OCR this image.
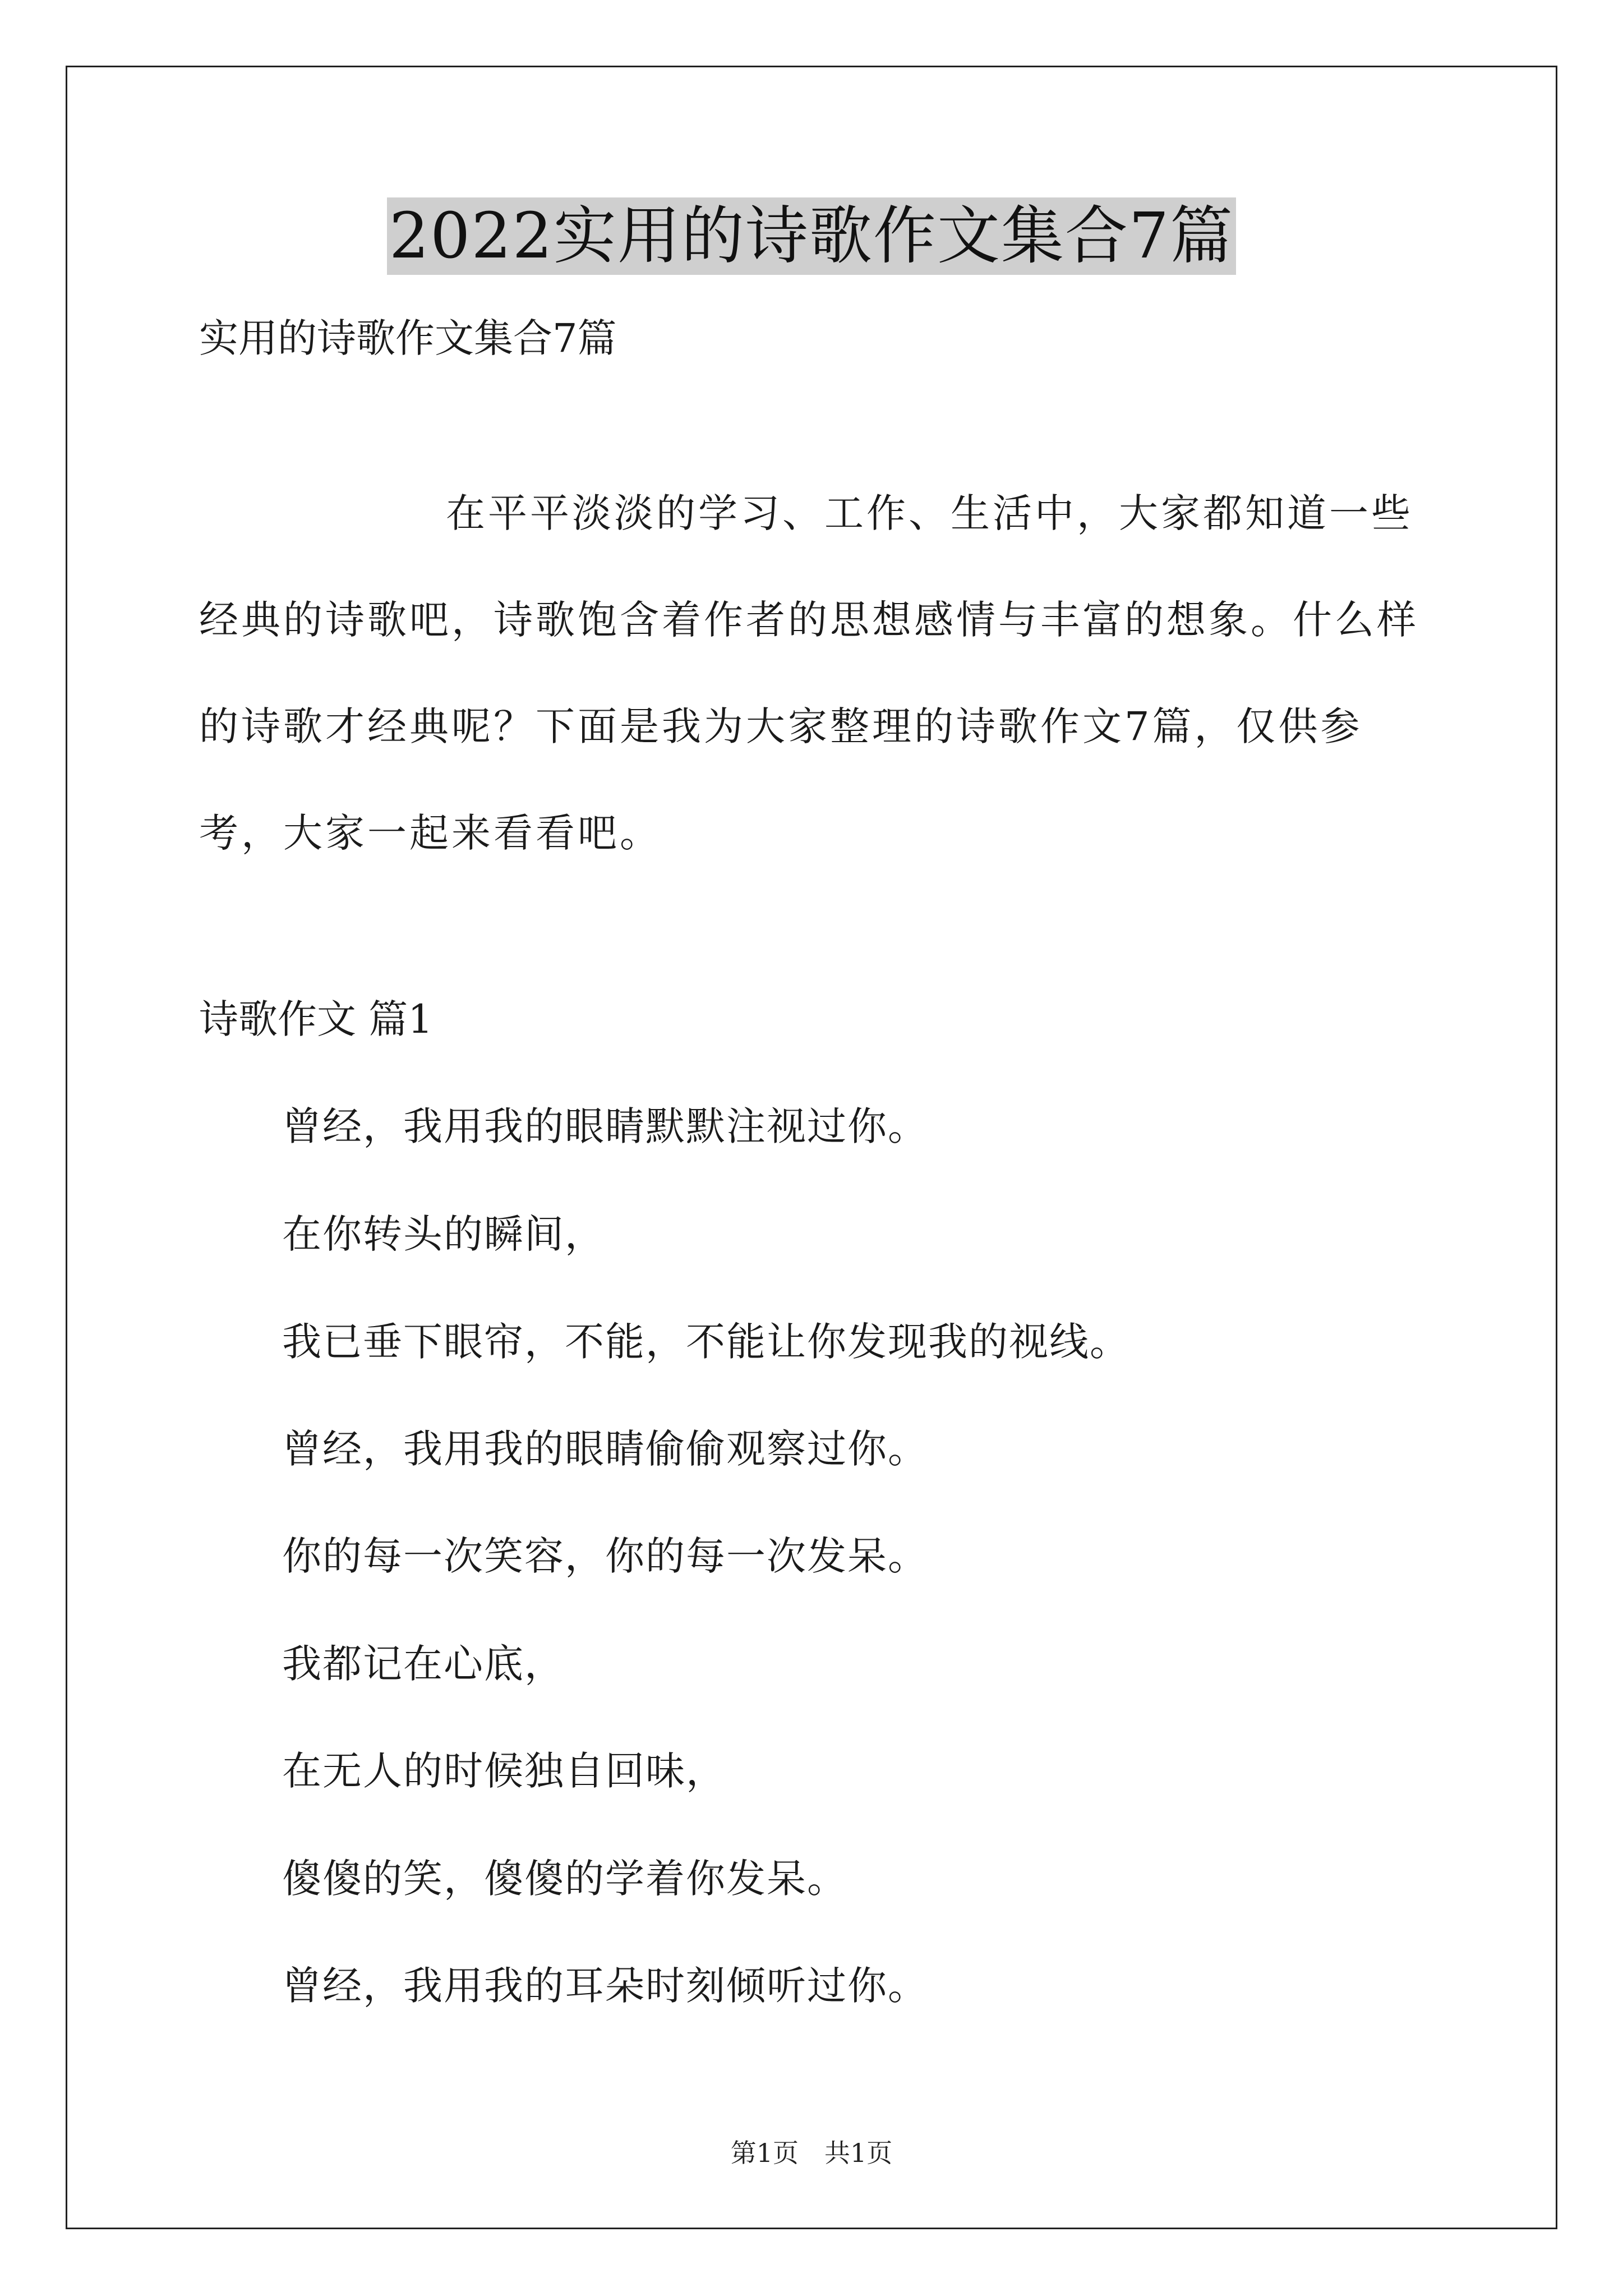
2022实用的诗歌作文集合7篇
实用的诗歌作文集合7篇
在平平淡淡的学习、工作、生活中，大家都知道一些经典的诗歌吧，诗歌饱含着作者的思想感情与丰富的想象。什么样的诗歌才经典呢？下面是我为大家整理的诗歌作文7篇，仅供参考，大家一起来看看吧。
诗歌作文 篇1
曾经，我用我的眼睛默默注视过你。
在你转头的瞬间，
我已垂下眼帘，不能，不能让你发现我的视线。
曾经，我用我的眼睛偷偷观察过你。
你的每一次笑容，你的每一次发呆。
我都记在心底，
在无人的时候独自回味，
傻傻的笑，傻傻的学着你发呆。
曾经，我用我的耳朵时刻倾听过你。
第1页 共1页
